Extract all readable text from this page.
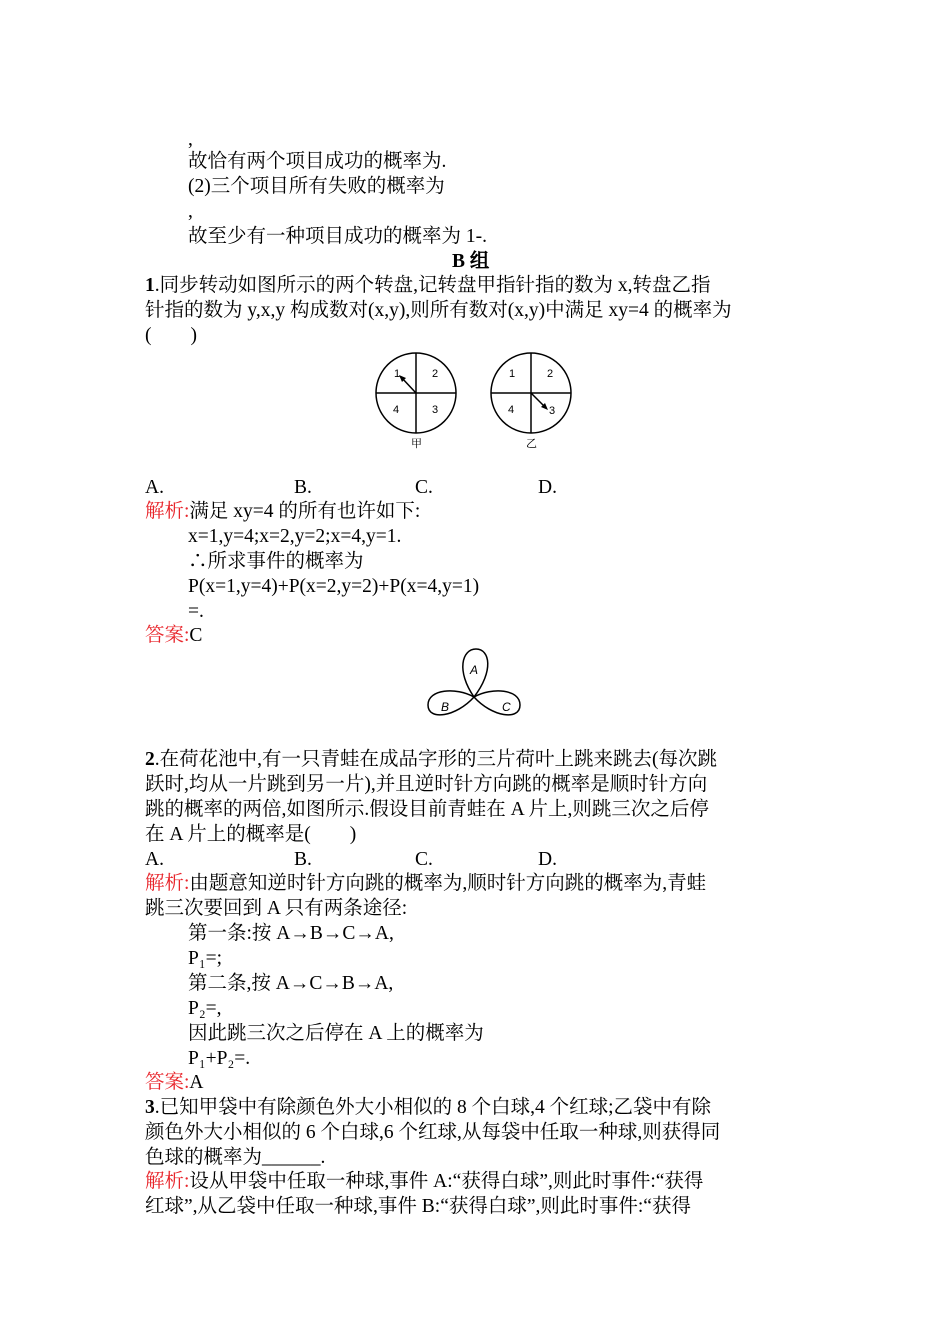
,
故恰有两个项目成功的概率为.
(2)三个项目所有失败的概率为
,
故至少有一种项目成功的概率为 1-.
B 组
1.同步转动如图所示的两个转盘,记转盘甲指针指的数为 x,转盘乙指
针指的数为 y,x,y 构成数对(x,y),则所有数对(x,y)中满足 xy=4 的概率为
(　　)
1	2
4	3
甲
1	2
4	3
乙
A.	B.	C.	D.
解析:满足 xy=4 的所有也许如下:
x=1,y=4;x=2,y=2;x=4,y=1.
∴所求事件的概率为
P(x=1,y=4)+P(x=2,y=2)+P(x=4,y=1)
=.
答案:C
A
B	C
2.在荷花池中,有一只青蛙在成品字形的三片荷叶上跳来跳去(每次跳
跃时,均从一片跳到另一片),并且逆时针方向跳的概率是顺时针方向
跳的概率的两倍,如图所示.假设目前青蛙在 A 片上,则跳三次之后停
在 A 片上的概率是(　　)
A.	B.	C.	D.
解析:由题意知逆时针方向跳的概率为,顺时针方向跳的概率为,青蛙
跳三次要回到 A 只有两条途径:
第一条:按 A→B→C→A,
P₁=;
第二条,按 A→C→B→A,
P₂=,
因此跳三次之后停在 A 上的概率为
P₁+P₂=.
答案:A
3.已知甲袋中有除颜色外大小相似的 8 个白球,4 个红球;乙袋中有除
颜色外大小相似的 6 个白球,6 个红球,从每袋中任取一种球,则获得同
色球的概率为______.
解析:设从甲袋中任取一种球,事件 A:“获得白球”,则此时事件:“获得
红球”,从乙袋中任取一种球,事件 B:“获得白球”,则此时事件:“获得
